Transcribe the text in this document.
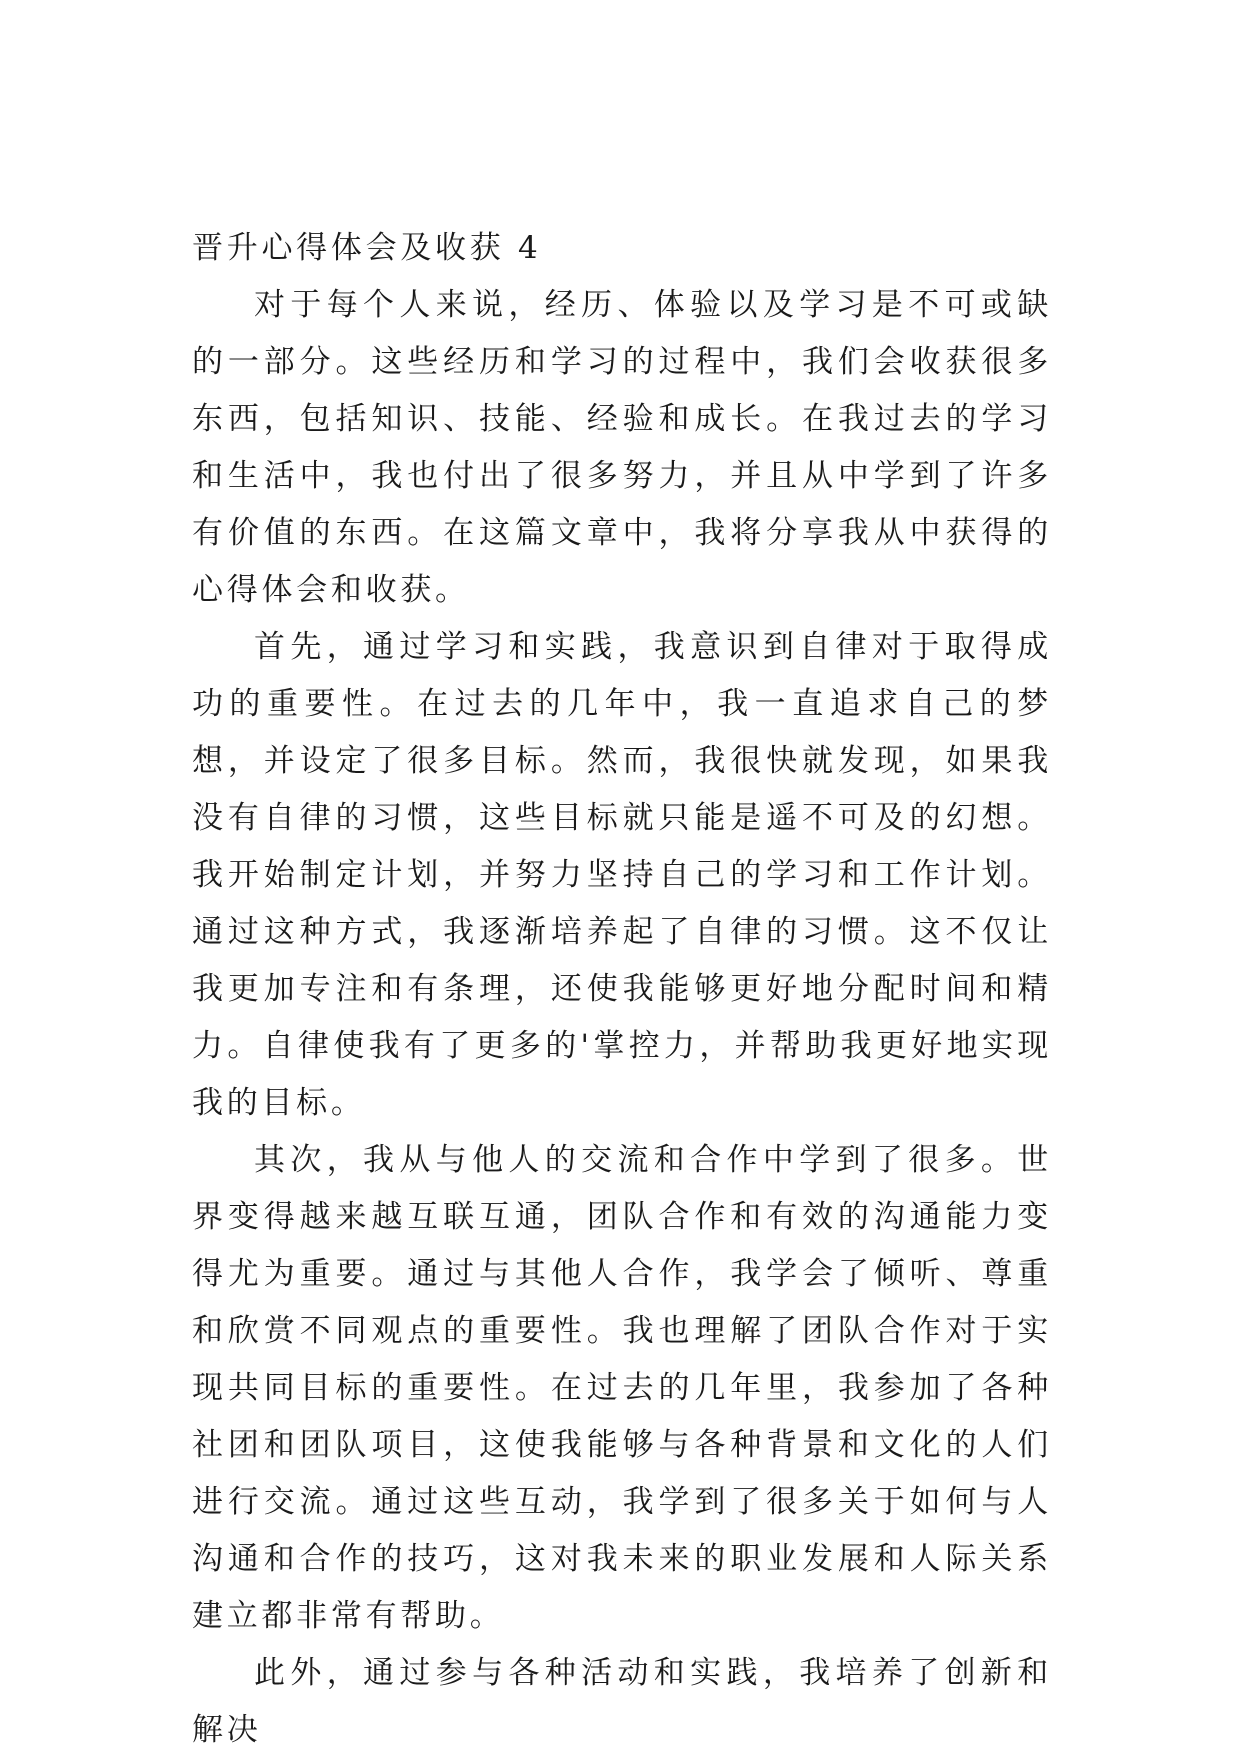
晋升心得体会及收获 4

对于每个人来说，经历、体验以及学习是不可或缺的一部分。这些经历和学习的过程中，我们会收获很多东西，包括知识、技能、经验和成长。在我过去的学习和生活中，我也付出了很多努力，并且从中学到了许多有价值的东西。在这篇文章中，我将分享我从中获得的心得体会和收获。

首先，通过学习和实践，我意识到自律对于取得成功的重要性。在过去的几年中，我一直追求自己的梦想，并设定了很多目标。然而，我很快就发现，如果我没有自律的习惯，这些目标就只能是遥不可及的幻想。我开始制定计划，并努力坚持自己的学习和工作计划。通过这种方式，我逐渐培养起了自律的习惯。这不仅让我更加专注和有条理，还使我能够更好地分配时间和精力。自律使我有了更多的'掌控力，并帮助我更好地实现我的目标。

其次，我从与他人的交流和合作中学到了很多。世界变得越来越互联互通，团队合作和有效的沟通能力变得尤为重要。通过与其他人合作，我学会了倾听、尊重和欣赏不同观点的重要性。我也理解了团队合作对于实现共同目标的重要性。在过去的几年里，我参加了各种社团和团队项目，这使我能够与各种背景和文化的人们进行交流。通过这些互动，我学到了很多关于如何与人沟通和合作的技巧，这对我未来的职业发展和人际关系建立都非常有帮助。

此外，通过参与各种活动和实践，我培养了创新和解决
